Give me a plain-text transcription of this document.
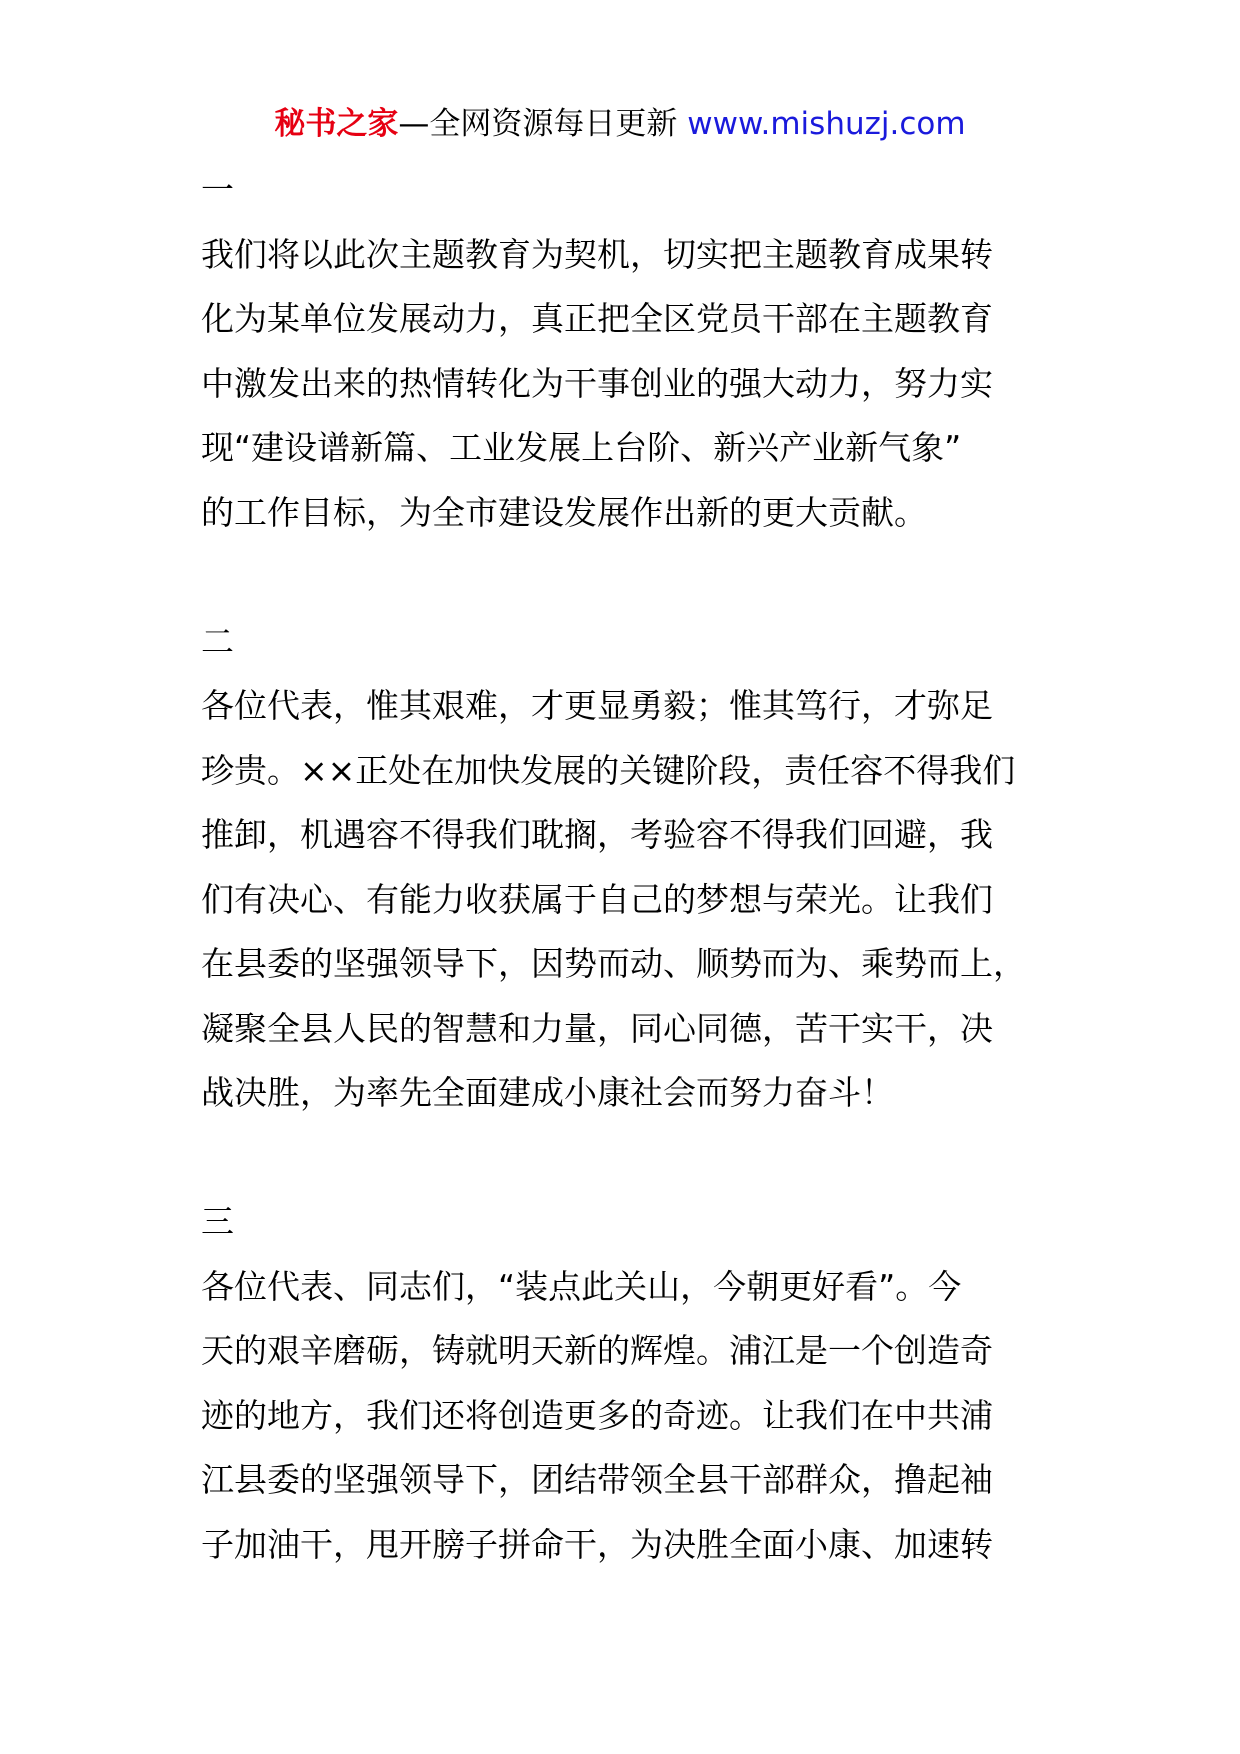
秘书之家—全网资源每日更新 www.mishuzj.com
一
我们将以此次主题教育为契机，切实把主题教育成果转
化为某单位发展动力，真正把全区党员干部在主题教育
中激发出来的热情转化为干事创业的强大动力，努力实
现“建设谱新篇、工业发展上台阶、新兴产业新气象”
的工作目标，为全市建设发展作出新的更大贡献。
二
各位代表，惟其艰难，才更显勇毅；惟其笃行，才弥足
珍贵。××正处在加快发展的关键阶段，责任容不得我们
推卸，机遇容不得我们耽搁，考验容不得我们回避，我
们有决心、有能力收获属于自己的梦想与荣光。让我们
在县委的坚强领导下，因势而动、顺势而为、乘势而上，
凝聚全县人民的智慧和力量，同心同德，苦干实干，决
战决胜，为率先全面建成小康社会而努力奋斗！
三
各位代表、同志们，“装点此关山，今朝更好看”。今
天的艰辛磨砺，铸就明天新的辉煌。浦江是一个创造奇
迹的地方，我们还将创造更多的奇迹。让我们在中共浦
江县委的坚强领导下，团结带领全县干部群众，撸起袖
子加油干，甩开膀子拼命干，为决胜全面小康、加速转
